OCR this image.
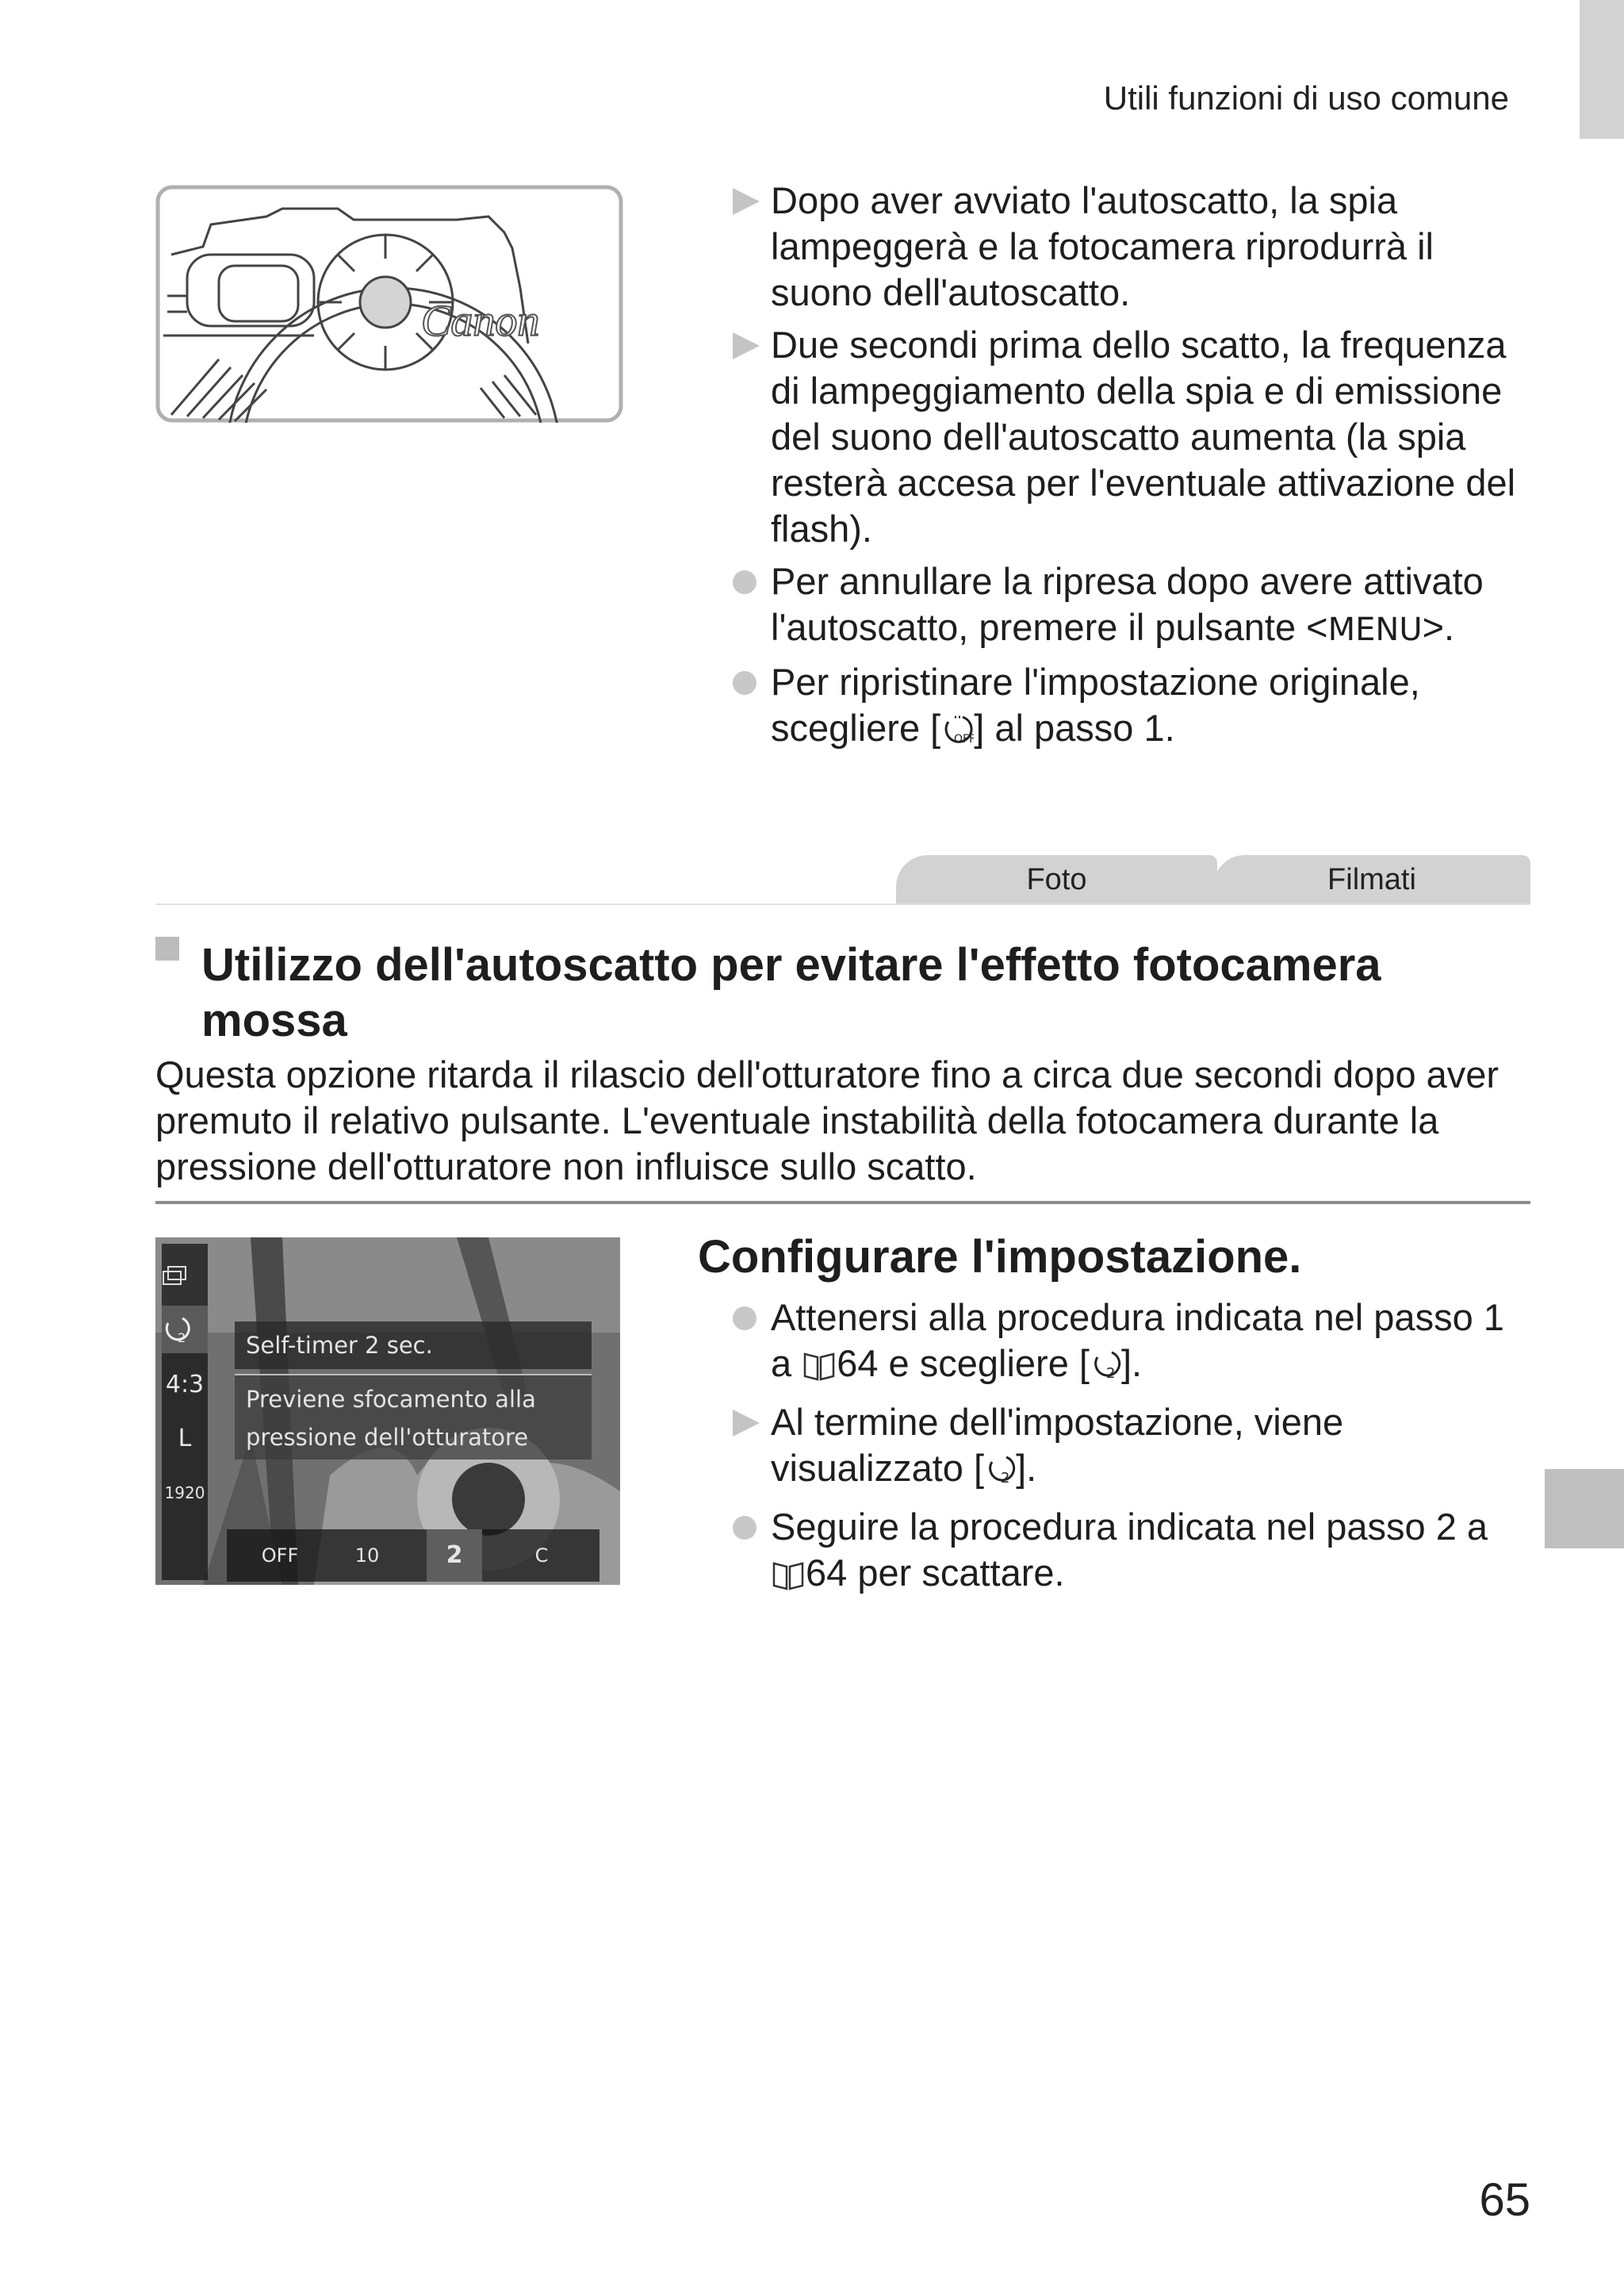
Utili funzioni di uso comune
Canon
Dopo aver avviato l'autoscatto, la spia lampeggerà e la fotocamera riprodurrà il suono dell'autoscatto.
Due secondi prima dello scatto, la frequenza di lampeggiamento della spia e di emissione del suono dell'autoscatto aumenta (la spia resterà accesa per l'eventuale attivazione del flash).
Per annullare la ripresa dopo avere attivato l'autoscatto, premere il pulsante <MENU>.
Per ripristinare l'impostazione originale, scegliere [ OFF
] al passo 1.
Foto	Filmati
Utilizzo dell'autoscatto per evitare l'effetto fotocamera mossa

Questa opzione ritarda il rilascio dell'otturatore fino a circa due secondi dopo aver premuto il relativo pulsante. L'eventuale instabilità della fotocamera durante la pressione dell'otturatore non influisce sullo scatto.

2
4:3
L
1920
Self-timer 2 sec.
Previene sfocamento alla
pressione dell'otturatore
OFF	10	2	C
Configurare l'impostazione.
Attenersi alla procedura indicata nel passo 1 a 64 e scegliere [ 2 ].
Al termine dell'impostazione, viene visualizzato [ 2 ].
Seguire la procedura indicata nel passo 2 a 64 per scattare.
65
